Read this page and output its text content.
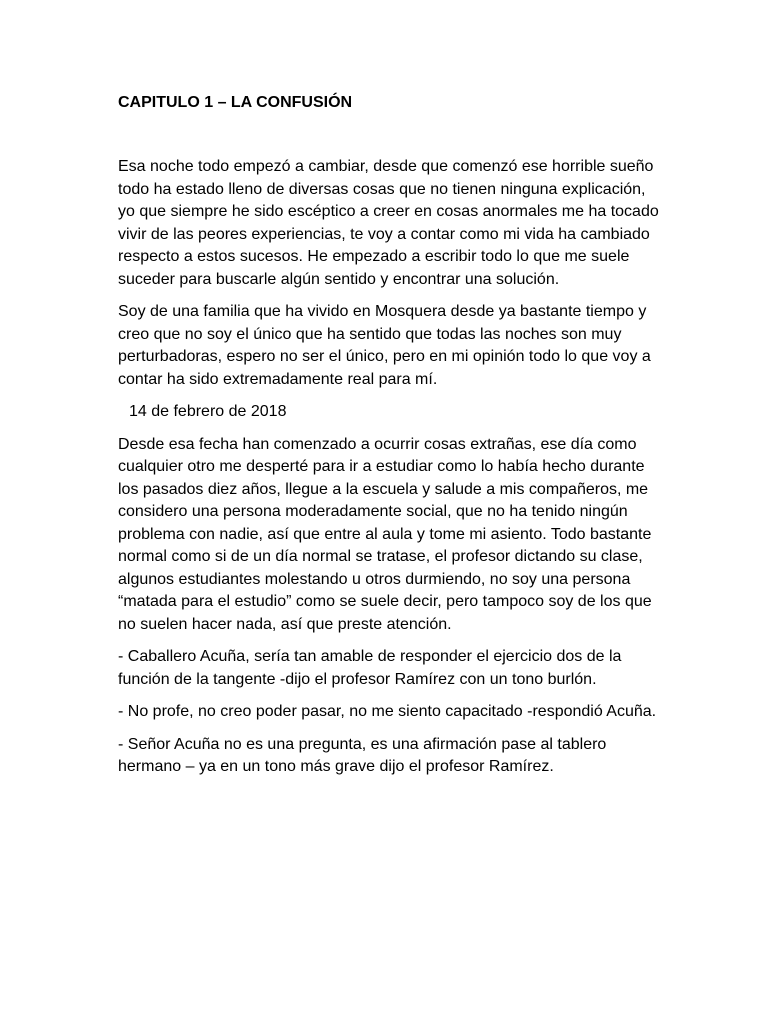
CAPITULO 1 – LA CONFUSIÓN

Esa noche todo empezó a cambiar, desde que comenzó ese horrible sueño todo ha estado lleno de diversas cosas que no tienen ninguna explicación, yo que siempre he sido escéptico a creer en cosas anormales me ha tocado vivir de las peores experiencias, te voy a contar como mi vida ha cambiado respecto a estos sucesos. He empezado a escribir todo lo que me suele suceder para buscarle algún sentido y encontrar una solución.

Soy de una familia que ha vivido en Mosquera desde ya bastante tiempo y creo que no soy el único que ha sentido que todas las noches son muy perturbadoras, espero no ser el único, pero en mi opinión todo lo que voy a contar ha sido extremadamente real para mí.

14 de febrero de 2018

Desde esa fecha han comenzado a ocurrir cosas extrañas, ese día como cualquier otro me desperté para ir a estudiar como lo había hecho durante los pasados diez años, llegue a la escuela y salude a mis compañeros, me considero una persona moderadamente social, que no ha tenido ningún problema con nadie, así que entre al aula y tome mi asiento. Todo bastante normal como si de un día normal se tratase, el profesor dictando su clase, algunos estudiantes molestando u otros durmiendo, no soy una persona “matada para el estudio” como se suele decir, pero tampoco soy de los que no suelen hacer nada, así que preste atención.

- Caballero Acuña, sería tan amable de responder el ejercicio dos de la función de la tangente -dijo el profesor Ramírez con un tono burlón.

- No profe, no creo poder pasar, no me siento capacitado -respondió Acuña.

- Señor Acuña no es una pregunta, es una afirmación pase al tablero hermano – ya en un tono más grave dijo el profesor Ramírez.
